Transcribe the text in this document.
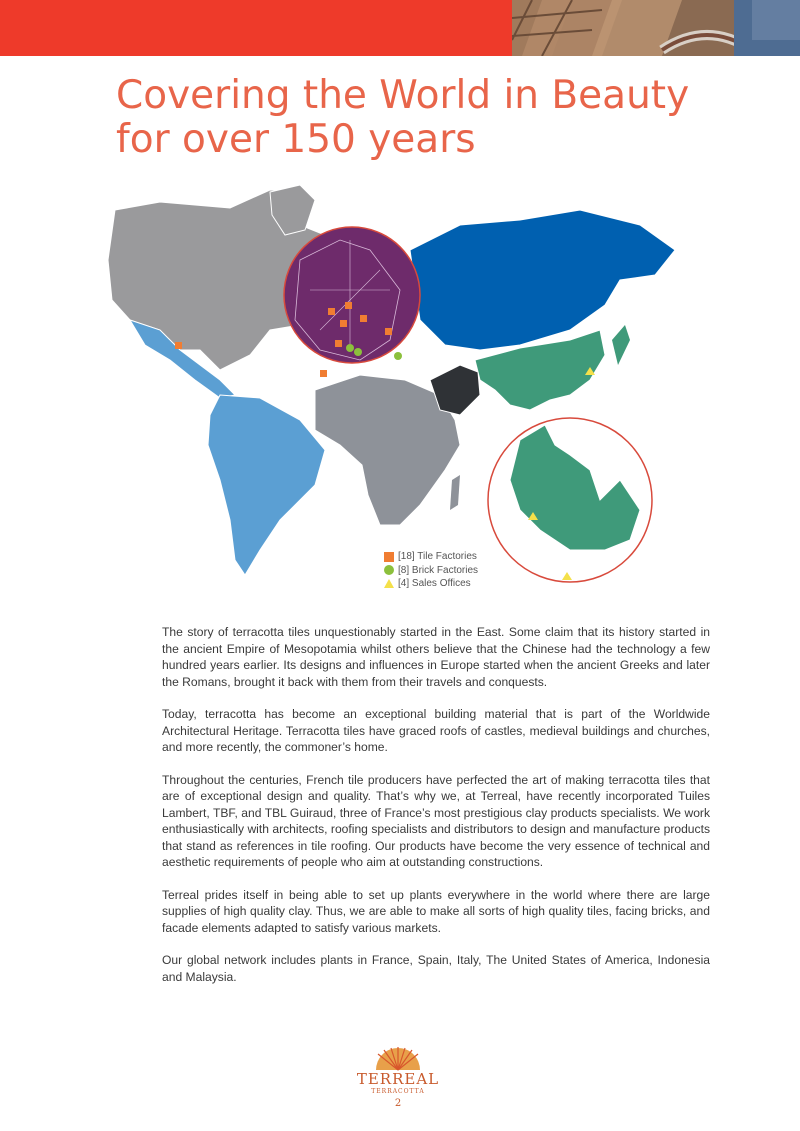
Covering the World in Beauty
for over 150 years
[18] Tile Factories
[8] Brick Factories
[4] Sales Offices

The story of terracotta tiles unquestionably started in the East. Some claim that its history started in the ancient Empire of Mesopotamia whilst others believe that the Chinese had the technology a few hundred years earlier. Its designs and influences in Europe started when the ancient Greeks and later the Romans, brought it back with them from their travels and conquests.

Today, terracotta has become an exceptional building material that is part of the Worldwide Architectural Heritage. Terracotta tiles have graced roofs of castles, medieval buildings and churches, and more recently, the commoner’s home.

Throughout the centuries, French tile producers have perfected the art of making terracotta tiles that are of exceptional design and quality. That’s why we, at Terreal, have recently incorporated Tuiles Lambert, TBF, and TBL Guiraud, three of France’s most prestigious clay products specialists. We work enthusiastically with architects, roofing specialists and distributors to design and manufacture products that stand as references in tile roofing. Our products have become the very essence of technical and aesthetic requirements of people who aim at outstanding constructions.

Terreal prides itself in being able to set up plants everywhere in the world where there are large supplies of high quality clay. Thus, we are able to make all sorts of high quality tiles, facing bricks, and facade elements adapted to satisfy various markets.

Our global network includes plants in France, Spain, Italy, The United States of America, Indonesia and Malaysia.

TERREAL
TERRACOTTA
2
